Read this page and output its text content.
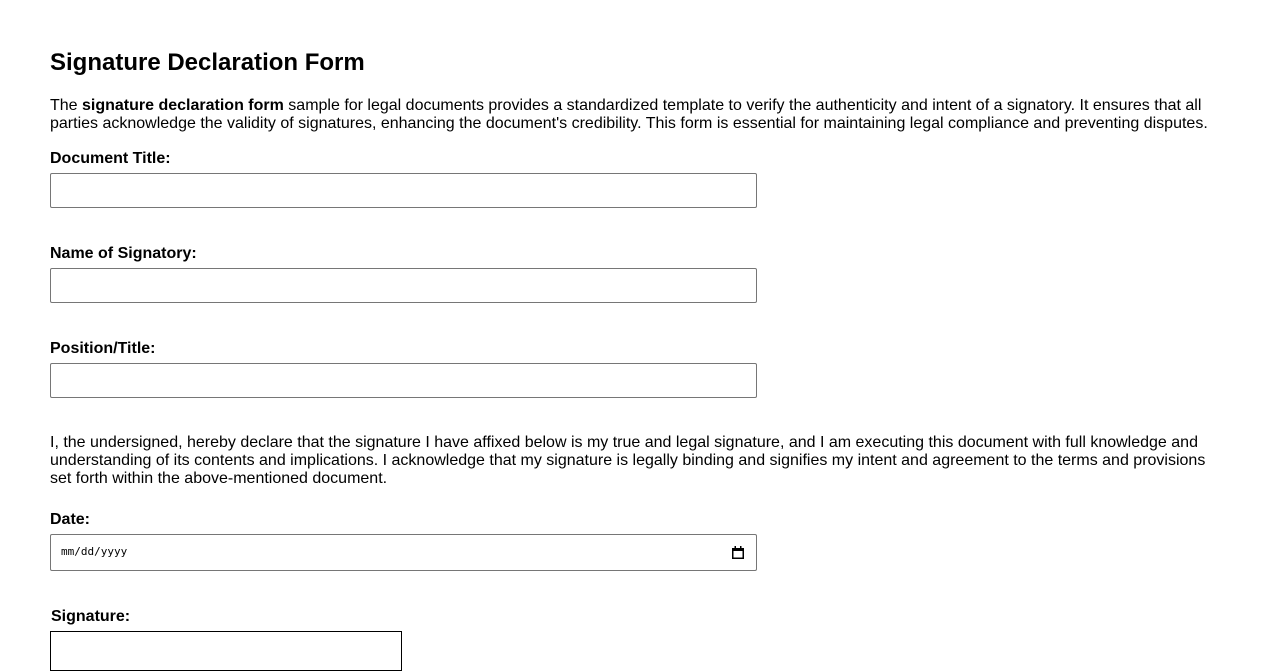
Signature Declaration Form

The signature declaration form sample for legal documents provides a standardized template to verify the authenticity and intent of a signatory. It ensures that all parties acknowledge the validity of signatures, enhancing the document's credibility. This form is essential for maintaining legal compliance and preventing disputes.

Document Title:
Name of Signatory:
Position/Title:

I, the undersigned, hereby declare that the signature I have affixed below is my true and legal signature, and I am executing this document with full knowledge and understanding of its contents and implications. I acknowledge that my signature is legally binding and signifies my intent and agreement to the terms and provisions set forth within the above-mentioned document.

Date:
mm/dd/yyyy
Signature:
